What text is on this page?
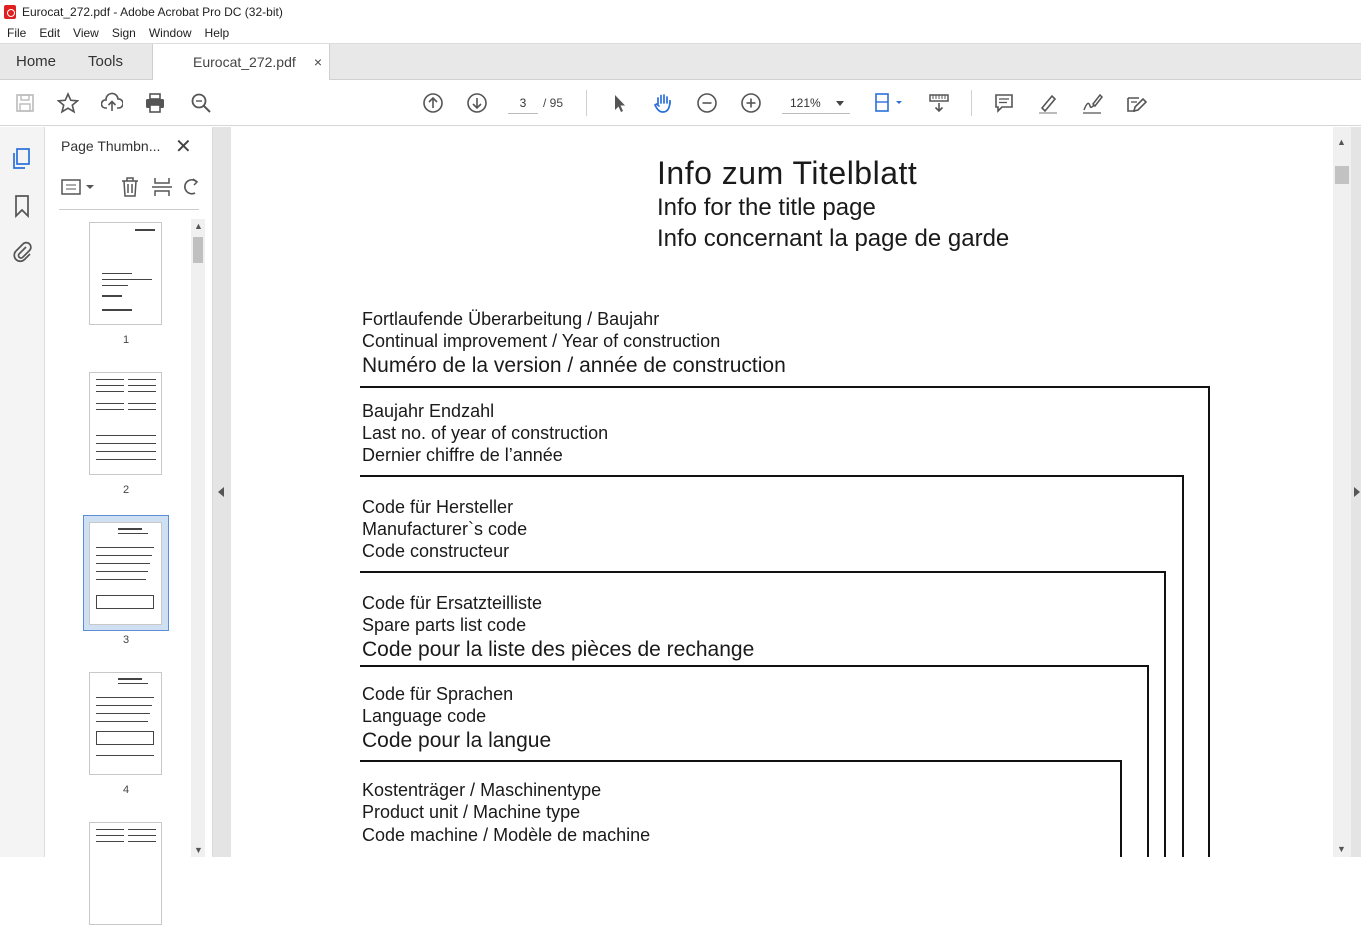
Eurocat_272.pdf - Adobe Acrobat Pro DC (32-bit)
File Edit View Sign Window Help
Home Tools	Eurocat_272.pdf ×
3
/ 95	121%
Page Thumbn... ✕
1
2
3
4
▲
▼
Info zum Titelblatt
Info for the title page
Info concernant la page de garde
Fortlaufende Überarbeitung / Baujahr
Continual improvement / Year of construction
Numéro de la version / année de construction
Baujahr Endzahl
Last no. of year of construction
Dernier chiffre de l’année
Code für Hersteller
Manufacturer`s code
Code constructeur
Code für Ersatzteilliste
Spare parts list code
Code pour la liste des pièces de rechange
Code für Sprachen
Language code
Code pour la langue
Kostenträger / Maschinentype
Product unit / Machine type
Code machine / Modèle de machine
▲
▼
